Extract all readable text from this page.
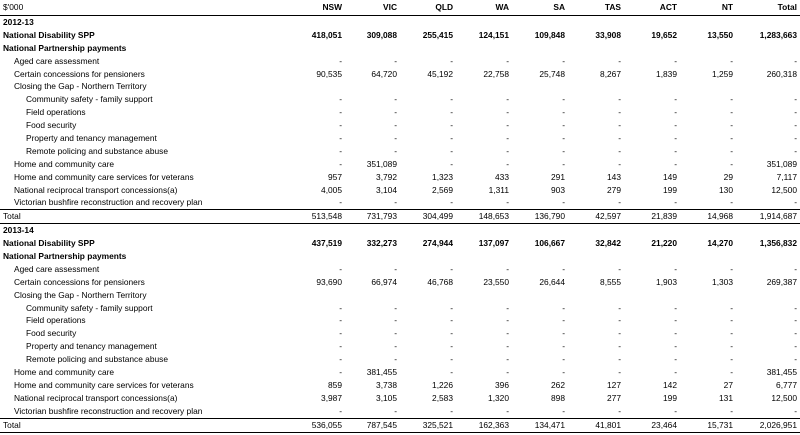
$'000	NSW	VIC	QLD	WA	SA	TAS	ACT	NT	Total
2012-13
National Disability SPP	418,051	309,088	255,415	124,151	109,848	33,908	19,652	13,550	1,283,663
National Partnership payments
Aged care assessment	-	-	-	-	-	-	-	-	-
Certain concessions for pensioners	90,535	64,720	45,192	22,758	25,748	8,267	1,839	1,259	260,318
Closing the Gap - Northern Territory
Community safety - family support	-	-	-	-	-	-	-	-	-
Field operations	-	-	-	-	-	-	-	-	-
Food security	-	-	-	-	-	-	-	-	-
Property and tenancy management	-	-	-	-	-	-	-	-	-
Remote policing and substance abuse	-	-	-	-	-	-	-	-	-
Home and community care	-	351,089	-	-	-	-	-	-	351,089
Home and community care services for veterans	957	3,792	1,323	433	291	143	149	29	7,117
National reciprocal transport concessions(a)	4,005	3,104	2,569	1,311	903	279	199	130	12,500
Victorian bushfire reconstruction and recovery plan	-	-	-	-	-	-	-	-	-
Total	513,548	731,793	304,499	148,653	136,790	42,597	21,839	14,968	1,914,687
2013-14
National Disability SPP	437,519	332,273	274,944	137,097	106,667	32,842	21,220	14,270	1,356,832
National Partnership payments
Aged care assessment	-	-	-	-	-	-	-	-	-
Certain concessions for pensioners	93,690	66,974	46,768	23,550	26,644	8,555	1,903	1,303	269,387
Closing the Gap - Northern Territory
Community safety - family support	-	-	-	-	-	-	-	-	-
Field operations	-	-	-	-	-	-	-	-	-
Food security	-	-	-	-	-	-	-	-	-
Property and tenancy management	-	-	-	-	-	-	-	-	-
Remote policing and substance abuse	-	-	-	-	-	-	-	-	-
Home and community care	-	381,455	-	-	-	-	-	-	381,455
Home and community care services for veterans	859	3,738	1,226	396	262	127	142	27	6,777
National reciprocal transport concessions(a)	3,987	3,105	2,583	1,320	898	277	199	131	12,500
Victorian bushfire reconstruction and recovery plan	-	-	-	-	-	-	-	-	-
Total	536,055	787,545	325,521	162,363	134,471	41,801	23,464	15,731	2,026,951
